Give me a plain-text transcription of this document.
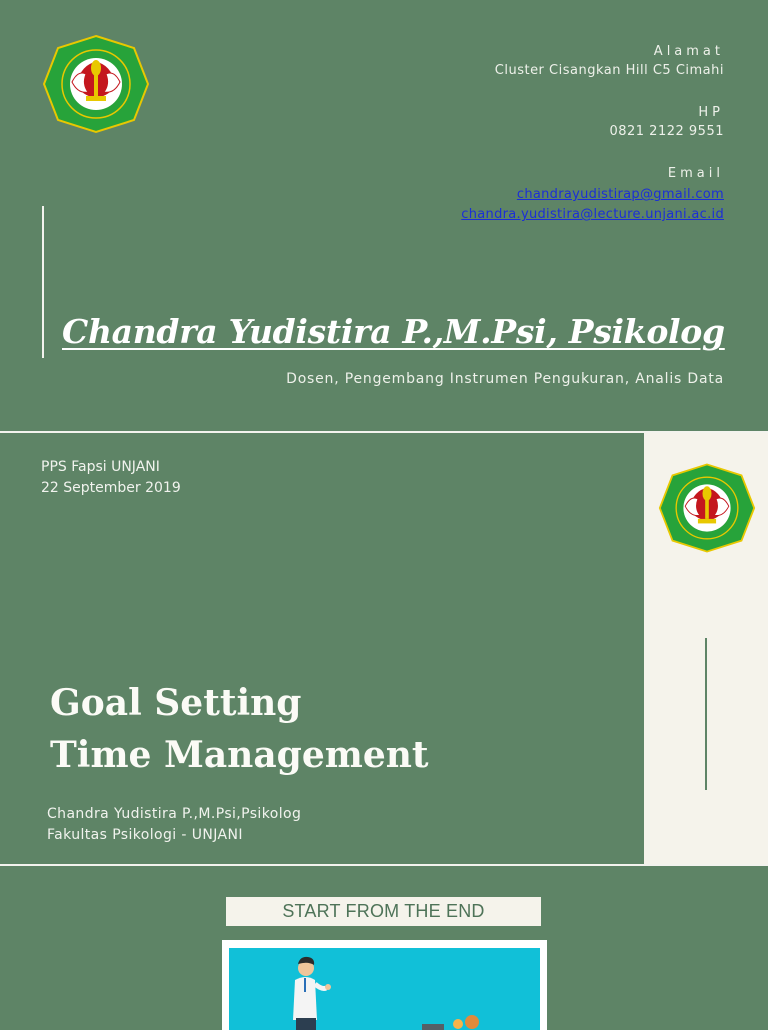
Alamat
Cluster Cisangkan Hill C5 Cimahi
HP
0821 2122 9551
Email
chandrayudistirap@gmail.com
chandra.yudistira@lecture.unjani.ac.id
Chandra Yudistira P.,M.Psi, Psikolog
Dosen, Pengembang Instrumen Pengukuran, Analis Data
PPS Fapsi UNJANI
22 September 2019
Goal Setting
Time Management
Chandra Yudistira P.,M.Psi,Psikolog
Fakultas Psikologi - UNJANI
START FROM THE END
